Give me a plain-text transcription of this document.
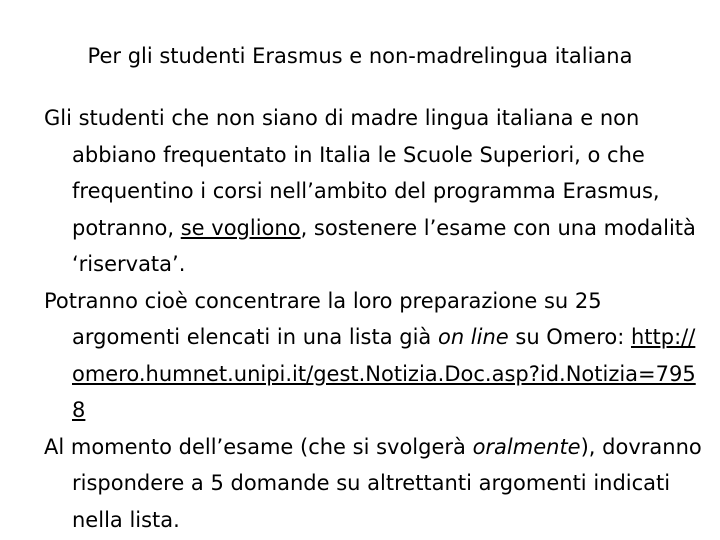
Per gli studenti Erasmus e non-madrelingua italiana

Gli studenti che non siano di madre lingua italiana e non abbiano frequentato in Italia le Scuole Superiori, o che frequentino i corsi nell’ambito del programma Erasmus, potranno, se vogliono, sostenere l’esame con una modalità ‘riservata’.

Potranno cioè concentrare la loro preparazione su 25 argomenti elencati in una lista già on line su Omero: http://omero.humnet.unipi.it/gest.Notizia.Doc.asp?id.Notizia=7958

Al momento dell’esame (che si svolgerà oralmente), dovranno rispondere a 5 domande su altrettanti argomenti indicati nella lista.
